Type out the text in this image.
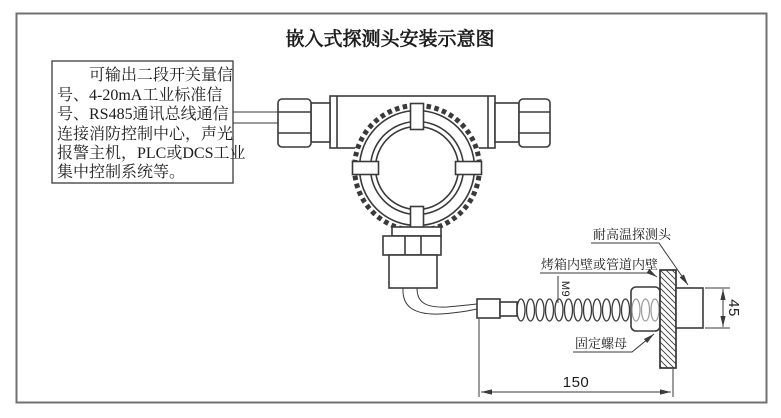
嵌入式探测头安装示意图
可输出二段开关量信
号、4-20mA工业标准信
号、RS485通讯总线通信
连接消防控制中心，声光
报警主机，PLC或DCS工业
集中控制系统等。
M9
45
150
耐高温探测头
烤箱内壁或管道内壁
固定螺母
